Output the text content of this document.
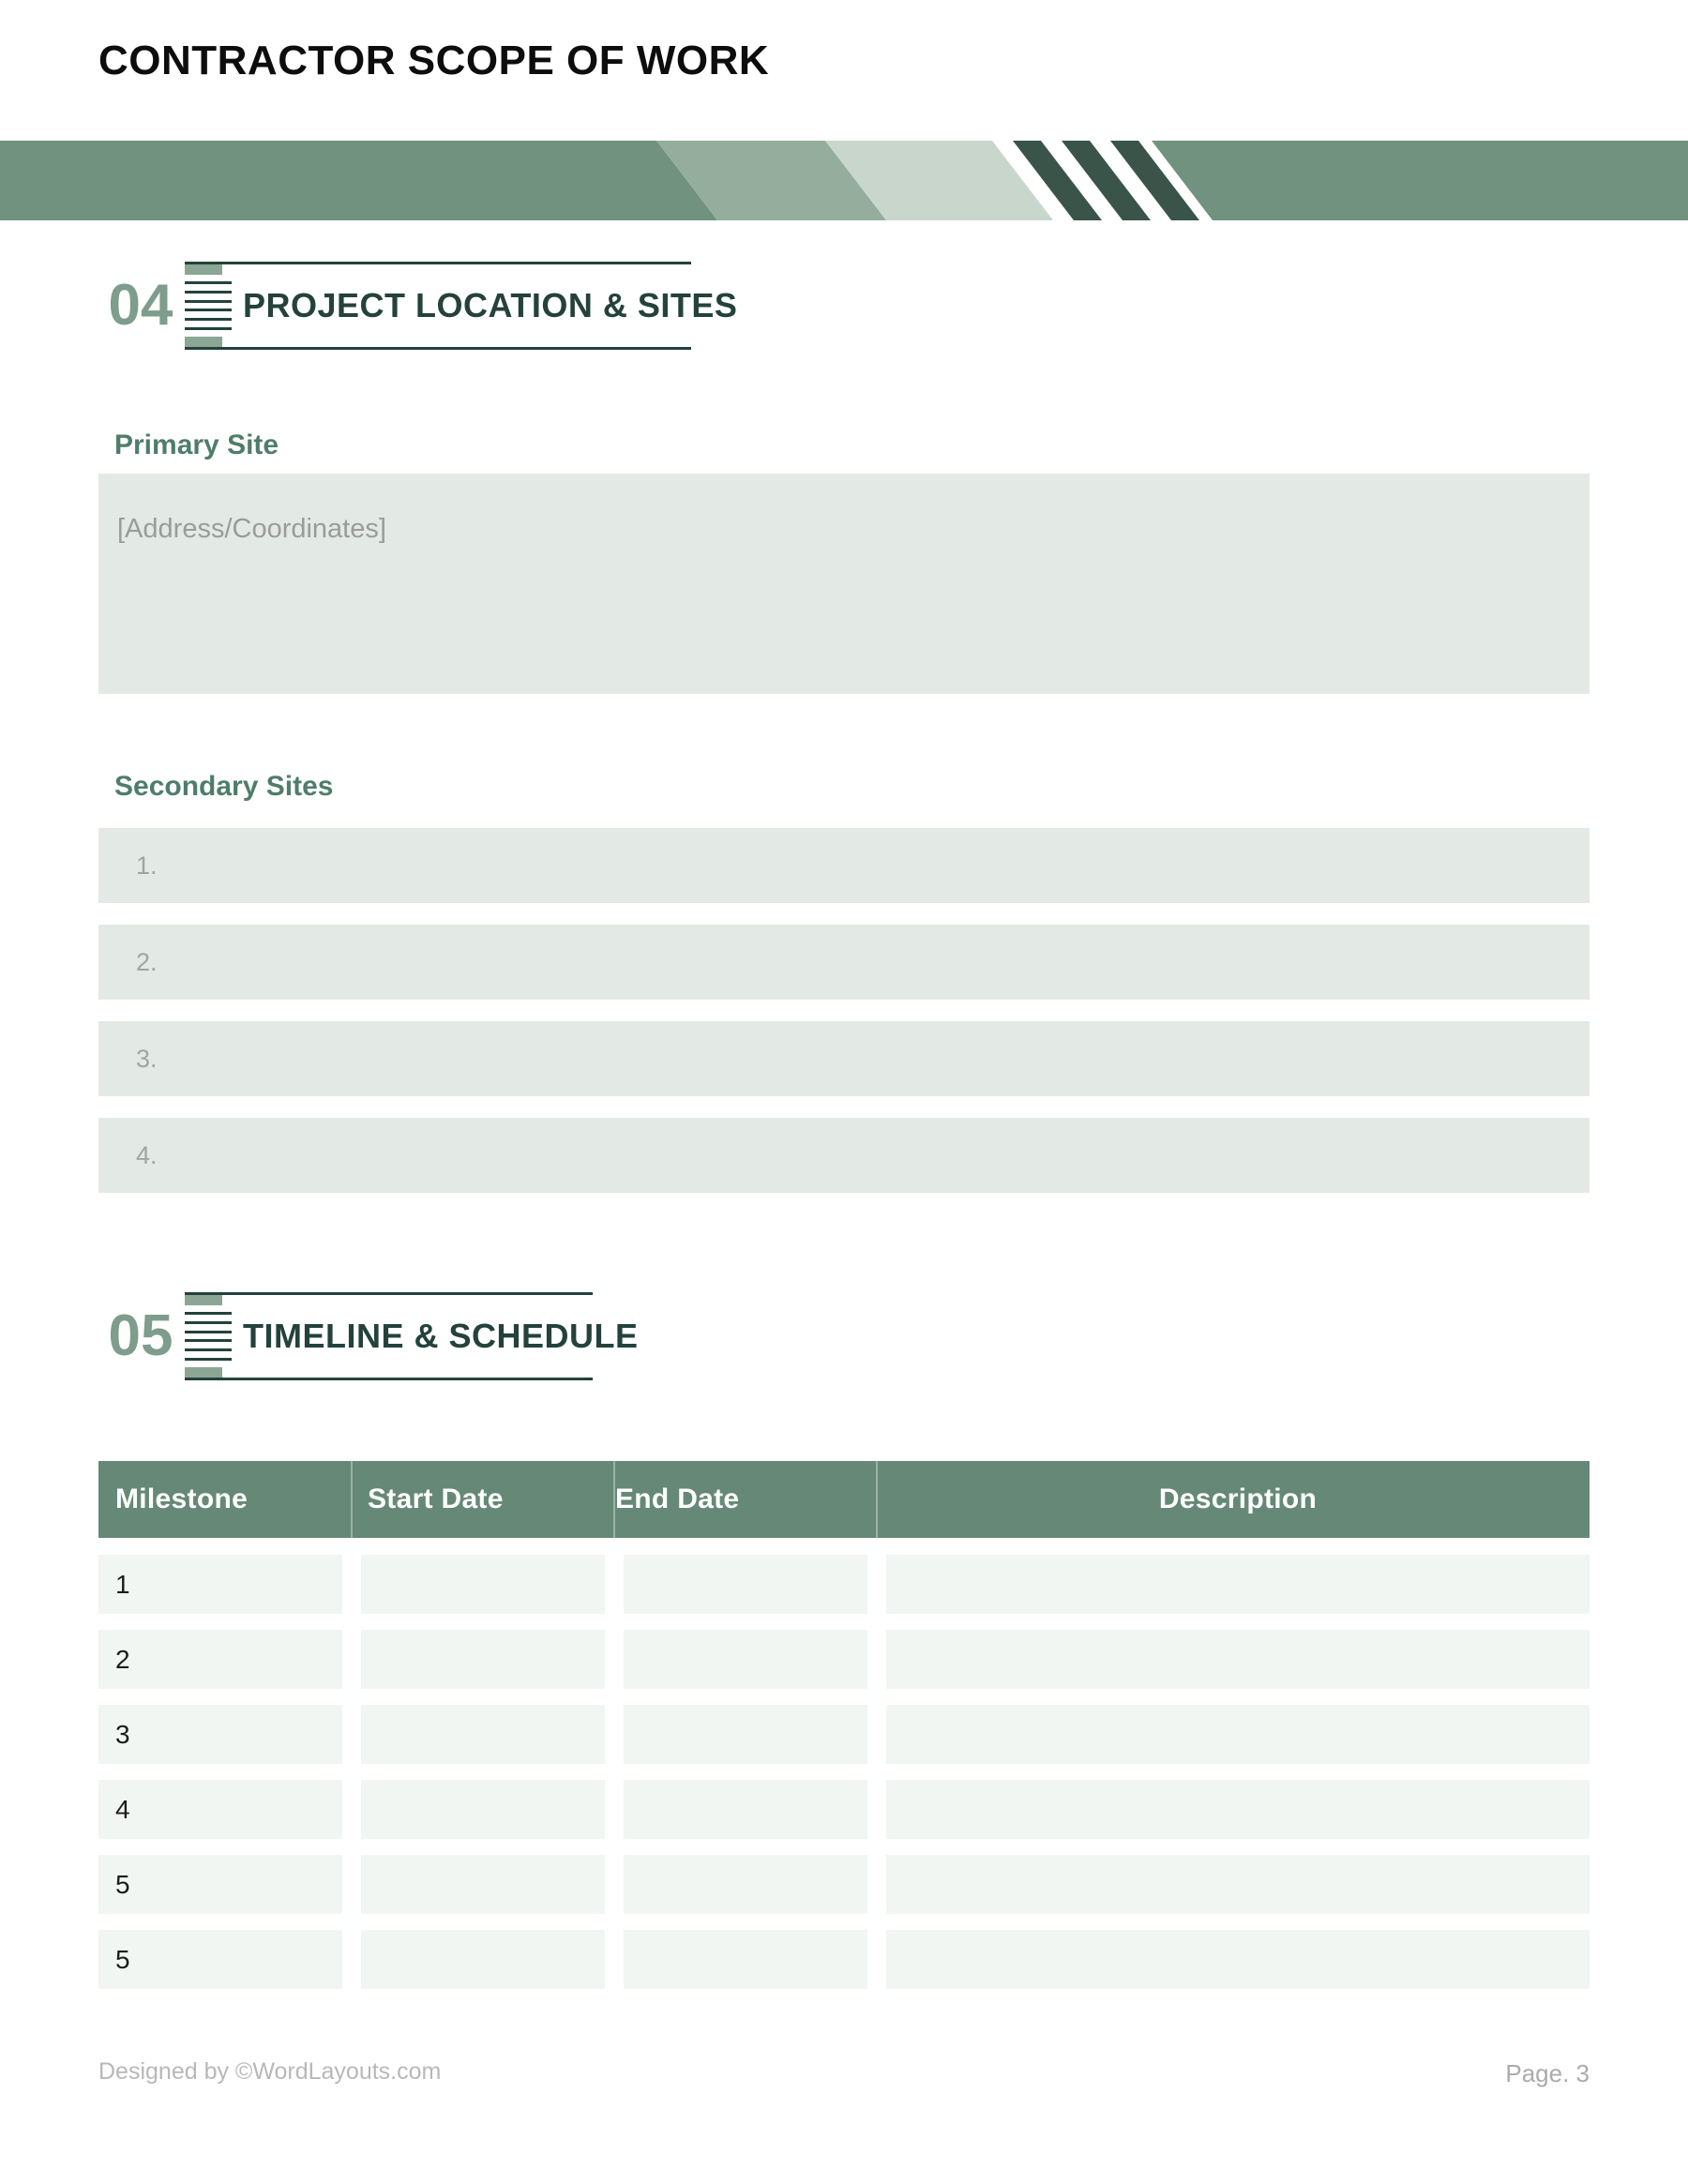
CONTRACTOR SCOPE OF WORK
04 PROJECT LOCATION & SITES
Primary Site
[Address/Coordinates]
Secondary Sites
1.
2.
3.
4.
05 TIMELINE & SCHEDULE
Milestone	Start Date	End Date	Description
1
2
3
4
5
5
Designed by ©WordLayouts.com	Page. 3
